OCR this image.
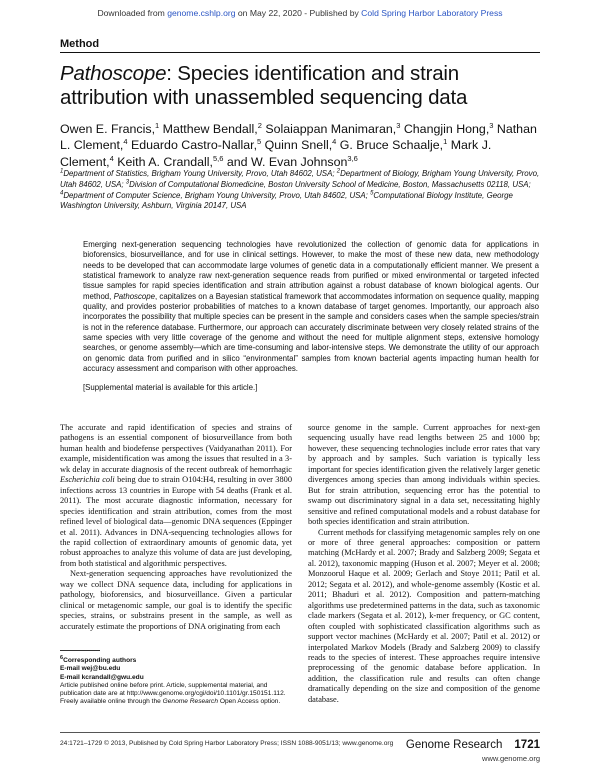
Downloaded from genome.cshlp.org on May 22, 2020 - Published by Cold Spring Harbor Laboratory Press
Method
Pathoscope: Species identification and strain attribution with unassembled sequencing data
Owen E. Francis,$^1$ Matthew Bendall,$^2$ Solaiappan Manimaran,$^3$ Changjin Hong,$^3$ Nathan L. Clement,$^4$ Eduardo Castro-Nallar,$^5$ Quinn Snell,$^4$ G. Bruce Schaalje,$^1$ Mark J. Clement,$^4$ Keith A. Crandall,$^{5,6}$ and W. Evan Johnson$^{3,6}$
$^1$Department of Statistics, Brigham Young University, Provo, Utah 84602, USA; $^2$Department of Biology, Brigham Young University, Provo, Utah 84602, USA; $^3$Division of Computational Biomedicine, Boston University School of Medicine, Boston, Massachusetts 02118, USA; $^4$Department of Computer Science, Brigham Young University, Provo, Utah 84602, USA; $^5$Computational Biology Institute, George Washington University, Ashburn, Virginia 20147, USA

Emerging next-generation sequencing technologies have revolutionized the collection of genomic data for applications in bioforensics, biosurveillance, and for use in clinical settings. However, to make the most of these new data, new methodology needs to be developed that can accommodate large volumes of genetic data in a computationally efficient manner. We present a statistical framework to analyze raw next-generation sequence reads from purified or mixed environmental or targeted infected tissue samples for rapid species identification and strain attribution against a robust database of known biological agents. Our method, Pathoscope, capitalizes on a Bayesian statistical framework that accommodates information on sequence quality, mapping quality, and provides posterior probabilities of matches to a known database of target genomes. Importantly, our approach also incorporates the possibility that multiple species can be present in the sample and considers cases when the sample species/strain is not in the reference database. Furthermore, our approach can accurately discriminate between very closely related strains of the same species with very little coverage of the genome and without the need for multiple alignment steps, extensive homology searches, or genome assembly—which are time-consuming and labor-intensive steps. We demonstrate the utility of our approach on genomic data from purified and in silico “environmental” samples from known bacterial agents impacting human health for accuracy assessment and comparison with other approaches.

[Supplemental material is available for this article.]

The accurate and rapid identification of species and strains of pathogens is an essential component of biosurveillance from both human health and biodefense perspectives (Vaidyanathan 2011). For example, misidentification was among the issues that resulted in a 3-wk delay in accurate diagnosis of the recent outbreak of hemorrhagic Escherichia coli being due to strain O104:H4, resulting in over 3800 infections across 13 countries in Europe with 54 deaths (Frank et al. 2011). The most accurate diagnostic information, necessary for species identification and strain attribution, comes from the most refined level of biological data—genomic DNA sequences (Eppinger et al. 2011). Advances in DNA-sequencing technologies allows for the rapid collection of extraordinary amounts of genomic data, yet robust approaches to analyze this volume of data are just developing, from both statistical and algorithmic perspectives.

Next-generation sequencing approaches have revolutionized the way we collect DNA sequence data, including for applications in pathology, bioforensics, and biosurveillance. Given a particular clinical or metagenomic sample, our goal is to identify the specific species, strains, or substrains present in the sample, as well as accurately estimate the proportions of DNA originating from each

source genome in the sample. Current approaches for next-gen sequencing usually have read lengths between 25 and 1000 bp; however, these sequencing technologies include error rates that vary by approach and by samples. Such variation is typically less important for species identification given the relatively larger genetic divergences among species than among individuals within species. But for strain attribution, sequencing error has the potential to swamp out discriminatory signal in a data set, necessitating highly sensitive and refined computational models and a robust database for both species identification and strain attribution.

Current methods for classifying metagenomic samples rely on one or more of three general approaches: composition or pattern matching (McHardy et al. 2007; Brady and Salzberg 2009; Segata et al. 2012), taxonomic mapping (Huson et al. 2007; Meyer et al. 2008; Monzoorul Haque et al. 2009; Gerlach and Stoye 2011; Patil et al. 2012; Segata et al. 2012), and whole-genome assembly (Kostic et al. 2011; Bhaduri et al. 2012). Composition and pattern-matching algorithms use predetermined patterns in the data, such as taxonomic clade markers (Segata et al. 2012), k-mer frequency, or GC content, often coupled with sophisticated classification algorithms such as support vector machines (McHardy et al. 2007; Patil et al. 2012) or interpolated Markov Models (Brady and Salzberg 2009) to classify reads to the species of interest. These approaches require intensive preprocessing of the genomic database before application. In addition, the classification rule and results can often change dramatically depending on the size and composition of the genome database.

$^6$Corresponding authors

E-mail wej@bu.edu

E-mail kcrandall@gwu.edu

Article published online before print. Article, supplemental material, and publication date are at http://www.genome.org/cgi/doi/10.1101/gr.150151.112.

Freely available online through the Genome Research Open Access option.

24:1721–1729 © 2013, Published by Cold Spring Harbor Laboratory Press; ISSN 1088-9051/13; www.genome.org Genome Research 1721
www.genome.org
